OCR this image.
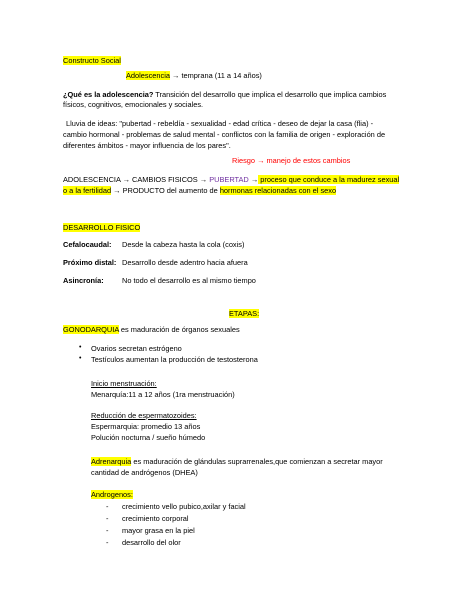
Constructo Social
Adolescencia → temprana (11 a 14 años)
¿Qué es la adolescencia? Transición del desarrollo que implica el desarrollo que implica cambios
físicos, cognitivos, emocionales y sociales.
Lluvia de ideas: "pubertad - rebeldía - sexualidad - edad crítica - deseo de dejar la casa (flia) -
cambio hormonal - problemas de salud mental - conflictos con la familia de origen - exploración de
diferentes ámbitos - mayor influencia de los pares".
Riesgo → manejo de estos cambios
ADOLESCENCIA → CAMBIOS FISICOS → PUBERTAD → proceso que conduce a la madurez sexual
o a la fertilidad → PRODUCTO del aumento de hormonas relacionadas con el sexo
DESARROLLO FISICO
Cefalocaudal: Desde la cabeza hasta la cola (coxis)
Próximo distal: Desarrollo desde adentro hacia afuera
Asincronía: No todo el desarrollo es al mismo tiempo
ETAPAS:
GONODARQUIA es maduración de órganos sexuales
• Ovarios secretan estrógeno
• Testículos aumentan la producción de testosterona
Inicio menstruación:
Menarquía:11 a 12 años (1ra menstruación)
Reducción de espermatozoides:
Espermarquia: promedio 13 años
Polución nocturna / sueño húmedo
Adrenarquia es maduración de glándulas suprarrenales,que comienzan a secretar mayor
cantidad de andrógenos (DHEA)
Androgenos:
- crecimiento vello pubico,axilar y facial
- crecimiento corporal
- mayor grasa en la piel
- desarrollo del olor
